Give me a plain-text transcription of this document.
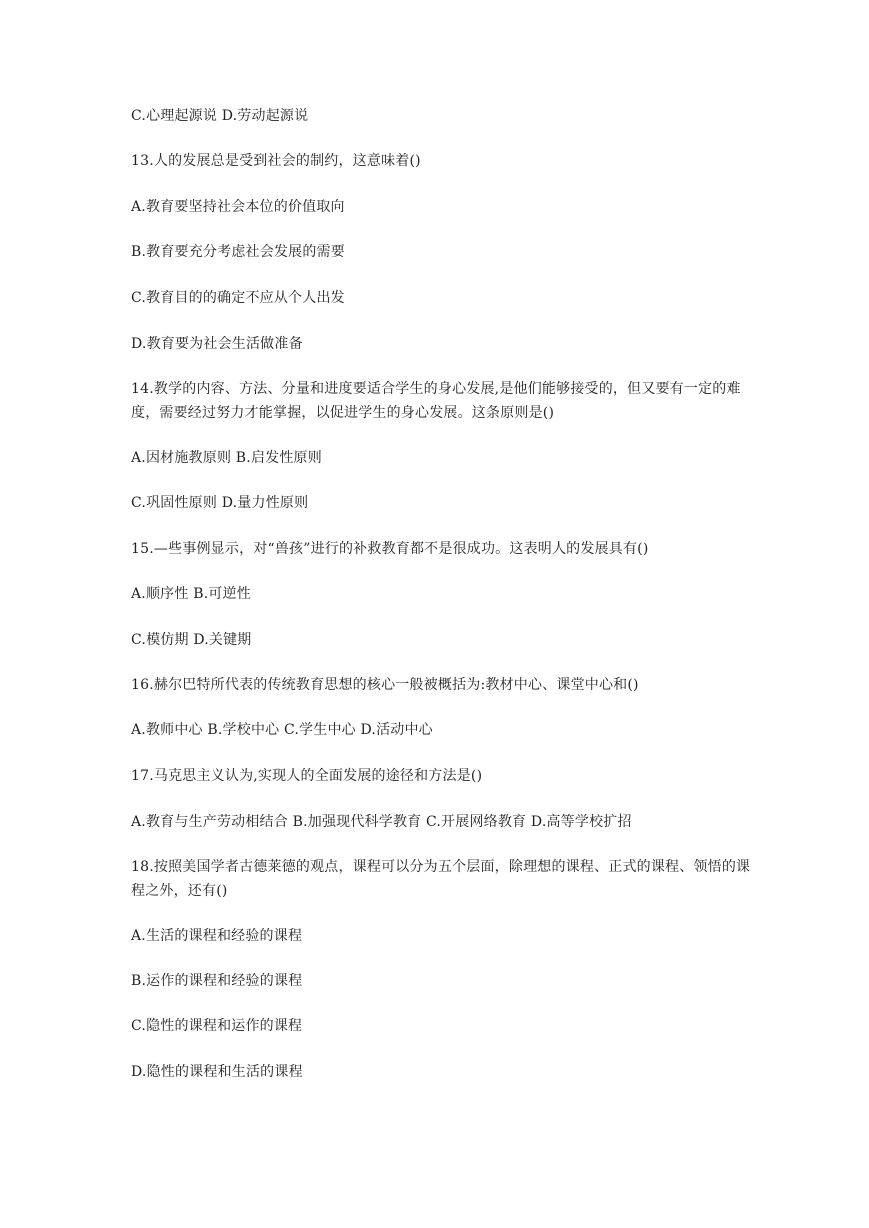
C.心理起源说 D.劳动起源说
13.人的发展总是受到社会的制约，这意味着()
A.教育要坚持社会本位的价值取向
B.教育要充分考虑社会发展的需要
C.教育目的的确定不应从个人出发
D.教育要为社会生活做准备
14.教学的内容、方法、分量和进度要适合学生的身心发展,是他们能够接受的，但又要有一定的难度，需要经过努力才能掌握，以促进学生的身心发展。这条原则是()
A.因材施教原则 B.启发性原则
C.巩固性原则 D.量力性原则
15.—些事例显示，对“兽孩”进行的补救教育都不是很成功。这表明人的发展具有()
A.顺序性 B.可逆性
C.模仿期 D.关键期
16.赫尔巴特所代表的传统教育思想的核心一般被概括为:教材中心、课堂中心和()
A.教师中心 B.学校中心 C.学生中心 D.活动中心
17.马克思主义认为,实现人的全面发展的途径和方法是()
A.教育与生产劳动相结合 B.加强现代科学教育 C.开展网络教育 D.高等学校扩招
18.按照美国学者古德莱德的观点，课程可以分为五个层面，除理想的课程、正式的课程、领悟的课程之外，还有()
A.生活的课程和经验的课程
B.运作的课程和经验的课程
C.隐性的课程和运作的课程
D.隐性的课程和生活的课程
